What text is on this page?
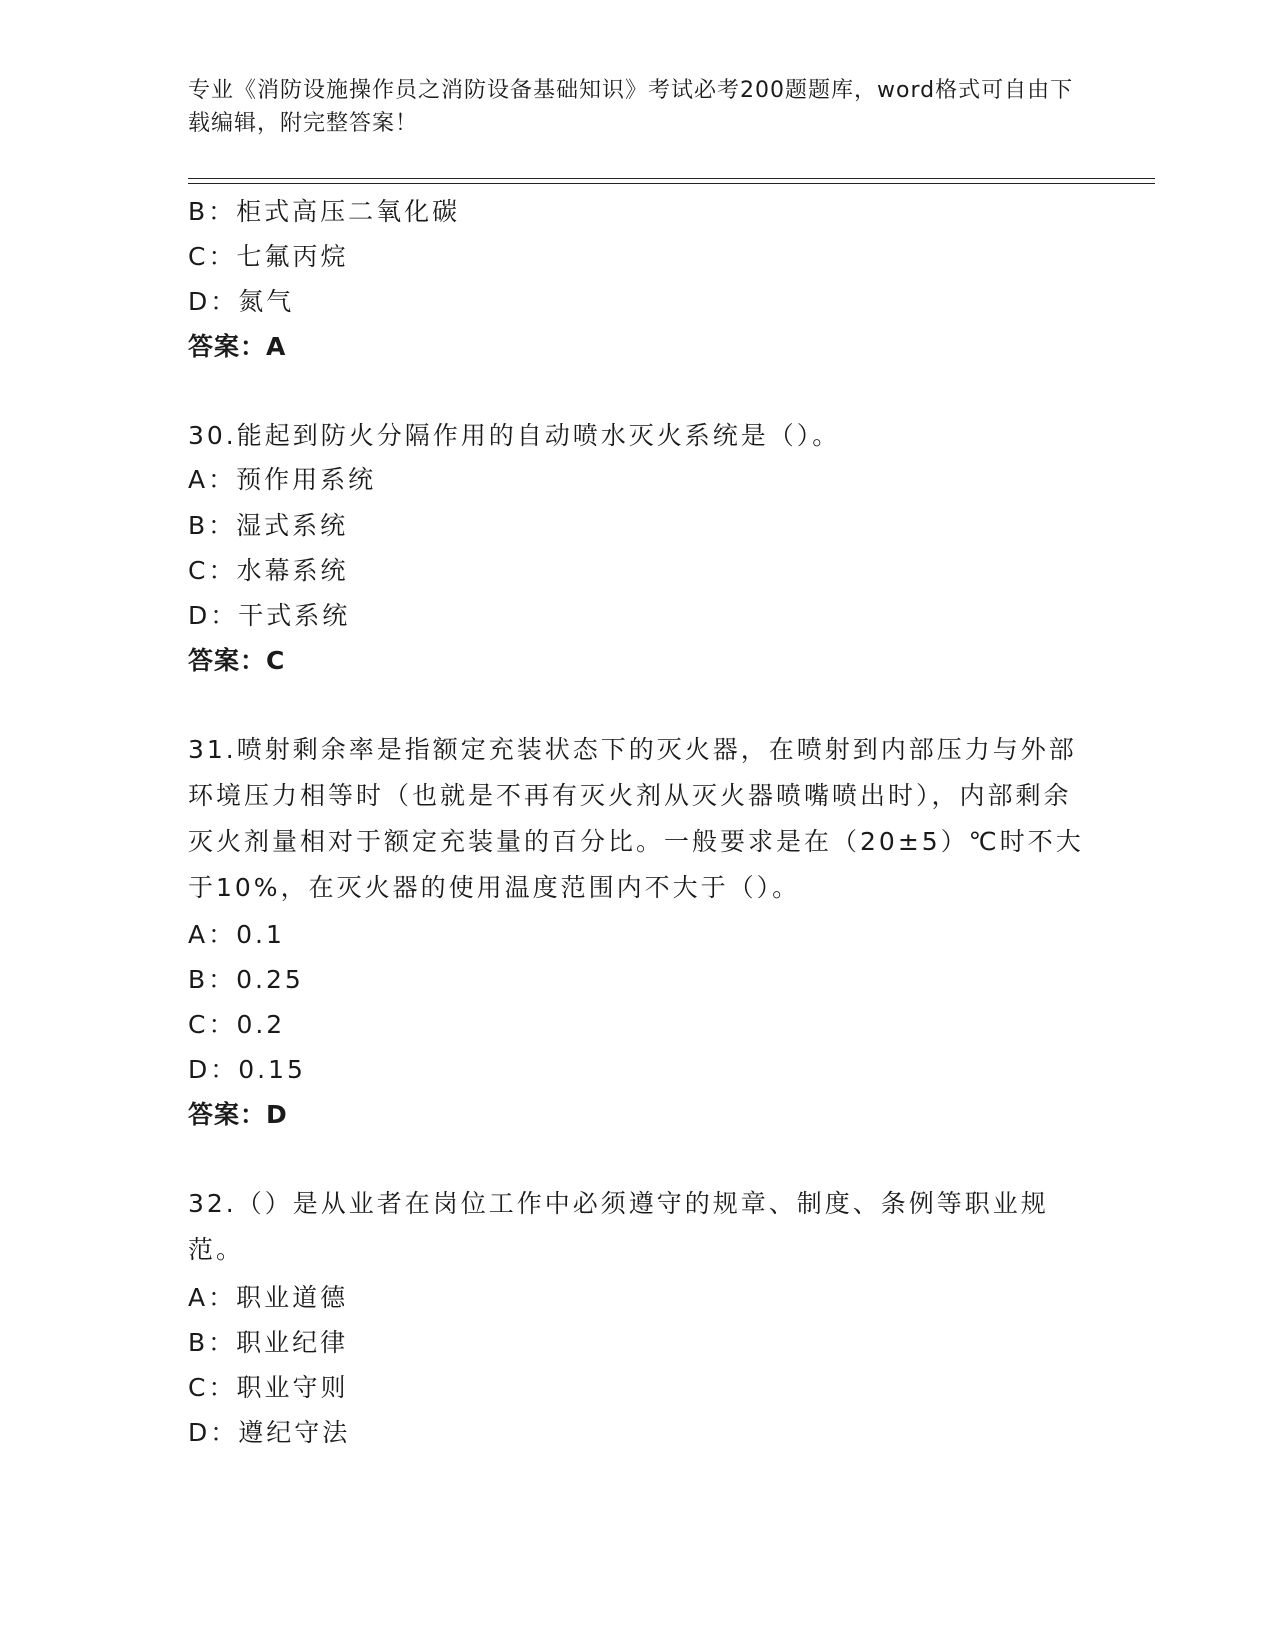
专业《消防设施操作员之消防设备基础知识》考试必考200题题库，word格式可自由下载编辑，附完整答案！
B：柜式高压二氧化碳
C：七氟丙烷
D：氮气
答案：A
30.能起到防火分隔作用的自动喷水灭火系统是（）。
A：预作用系统
B：湿式系统
C：水幕系统
D：干式系统
答案：C
31.喷射剩余率是指额定充装状态下的灭火器，在喷射到内部压力与外部环境压力相等时（也就是不再有灭火剂从灭火器喷嘴喷出时），内部剩余灭火剂量相对于额定充装量的百分比。一般要求是在（20±5）℃时不大于10%，在灭火器的使用温度范围内不大于（）。
A：0.1
B：0.25
C：0.2
D：0.15
答案：D
32.（）是从业者在岗位工作中必须遵守的规章、制度、条例等职业规范。
A：职业道德
B：职业纪律
C：职业守则
D：遵纪守法
